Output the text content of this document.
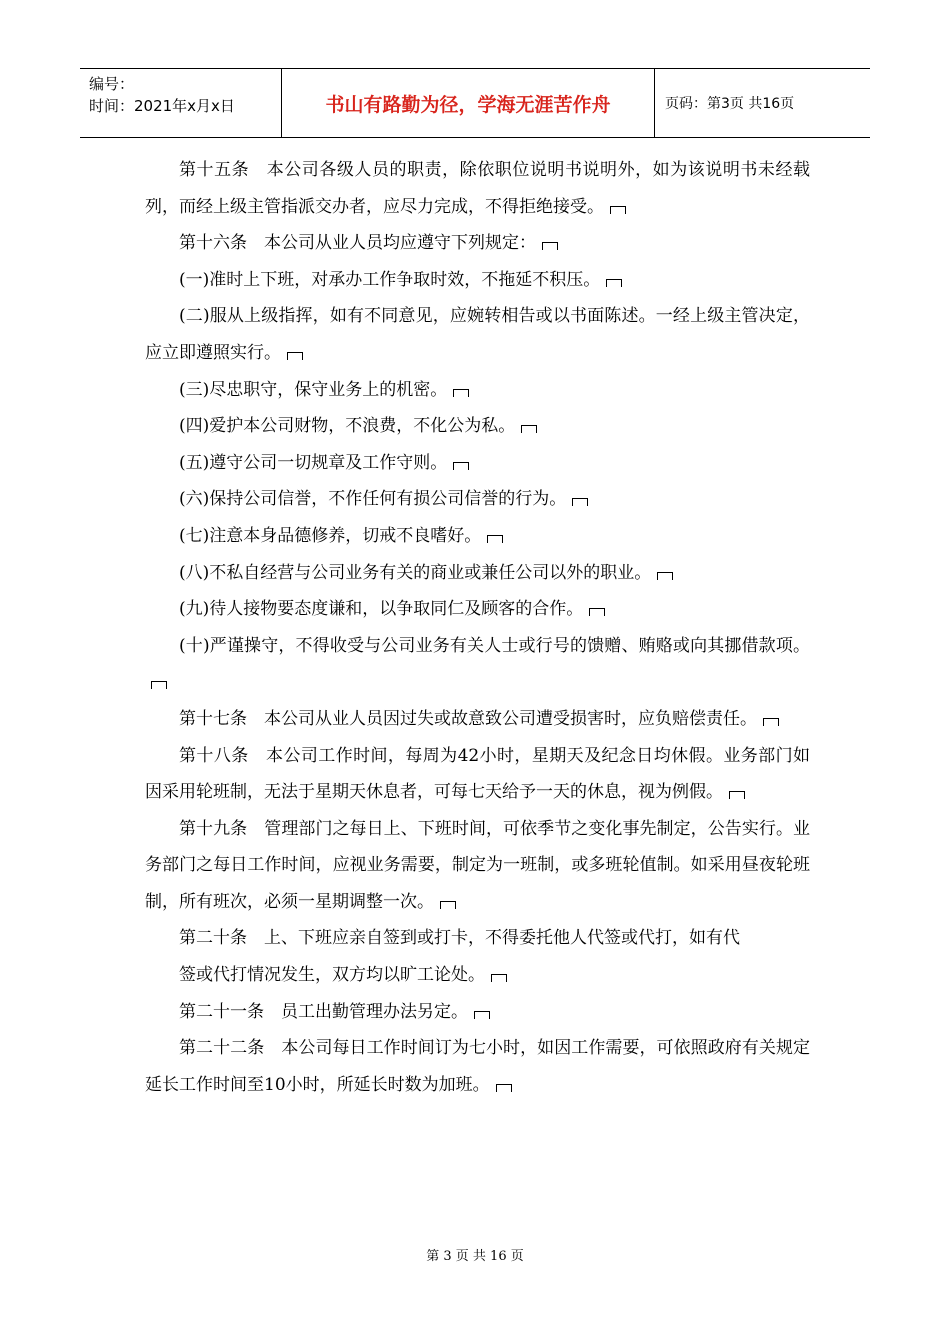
编号：
时间：2021年x月x日	书山有路勤为径，学海无涯苦作舟	页码：第3页 共16页

第十五条　本公司各级人员的职责，除依职位说明书说明外，如为该说明书未经载列，而经上级主管指派交办者，应尽力完成，不得拒绝接受。

第十六条　本公司从业人员均应遵守下列规定：

(一)准时上下班，对承办工作争取时效，不拖延不积压。

(二)服从上级指挥，如有不同意见，应婉转相告或以书面陈述。一经上级主管决定，应立即遵照实行。

(三)尽忠职守，保守业务上的机密。

(四)爱护本公司财物，不浪费，不化公为私。

(五)遵守公司一切规章及工作守则。

(六)保持公司信誉，不作任何有损公司信誉的行为。

(七)注意本身品德修养，切戒不良嗜好。

(八)不私自经营与公司业务有关的商业或兼任公司以外的职业。

(九)待人接物要态度谦和，以争取同仁及顾客的合作。

(十)严谨操守，不得收受与公司业务有关人士或行号的馈赠、贿赂或向其挪借款项。

第十七条　本公司从业人员因过失或故意致公司遭受损害时，应负赔偿责任。

第十八条　本公司工作时间，每周为42小时，星期天及纪念日均休假。业务部门如因采用轮班制，无法于星期天休息者，可每七天给予一天的休息，视为例假。

第十九条　管理部门之每日上、下班时间，可依季节之变化事先制定，公告实行。业务部门之每日工作时间，应视业务需要，制定为一班制，或多班轮值制。如采用昼夜轮班制，所有班次，必须一星期调整一次。

第二十条　上、下班应亲自签到或打卡，不得委托他人代签或代打，如有代

签或代打情况发生，双方均以旷工论处。

第二十一条　员工出勤管理办法另定。

第二十二条　本公司每日工作时间订为七小时，如因工作需要，可依照政府有关规定延长工作时间至10小时，所延长时数为加班。

第 3 页 共 16 页
